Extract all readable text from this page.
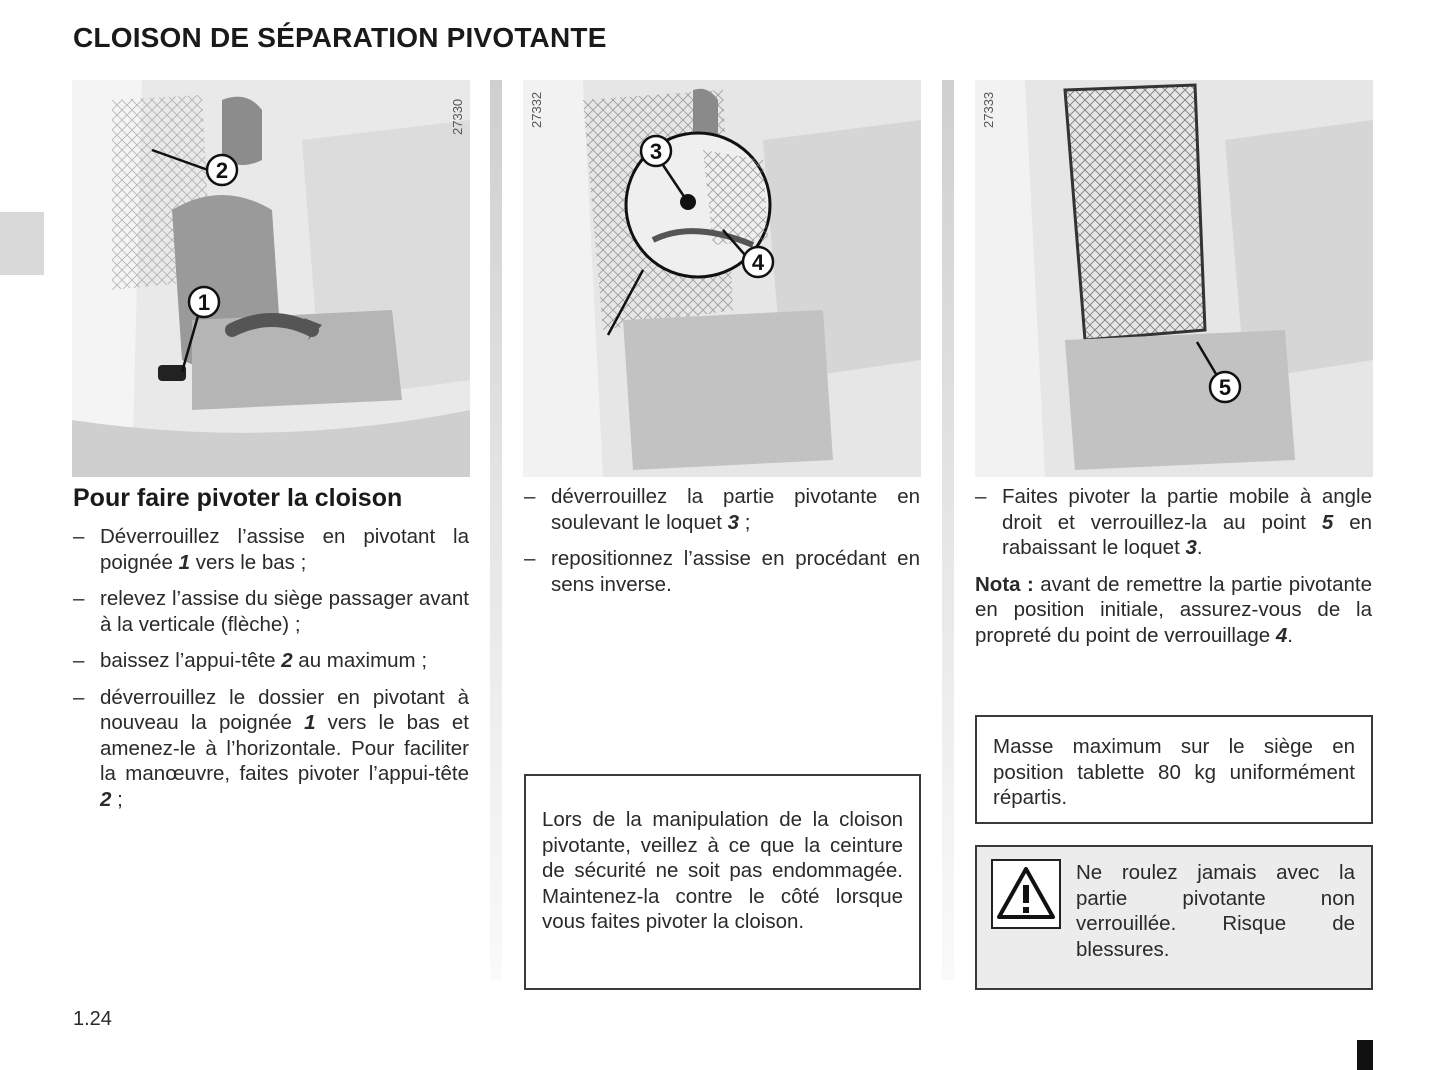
CLOISON DE SÉPARATION PIVOTANTE
2
1
27330
3
4
27332
5
27333
Pour faire pivoter la cloison
– Déverrouillez l’assise en pivotant la poignée 1 vers le bas ;
– relevez l’assise du siège passager avant à la verticale (flèche) ;
– baissez l’appui-tête 2 au maximum ;
– déverrouillez le dossier en pivotant à nouveau la poignée 1 vers le bas et amenez-le à l’horizontale. Pour faciliter la manœuvre, faites pivoter l’appui-tête 2 ;
– déverrouillez la partie pivotante en soulevant le loquet 3 ;
– repositionnez l’assise en procédant en sens inverse.
Lors de la manipulation de la cloison pivotante, veillez à ce que la ceinture de sécurité ne soit pas endommagée. Maintenez-la contre le côté lorsque vous faites pivoter la cloison.
– Faites pivoter la partie mobile à angle droit et verrouillez-la au point 5 en rabaissant le loquet 3.
Nota : avant de remettre la partie pivotante en position initiale, assurez-vous de la propreté du point de verrouillage 4.
Masse maximum sur le siège en position tablette 80 kg uniformément répartis.
Ne roulez jamais avec la partie pivotante non verrouillée. Risque de blessures.
1.24
